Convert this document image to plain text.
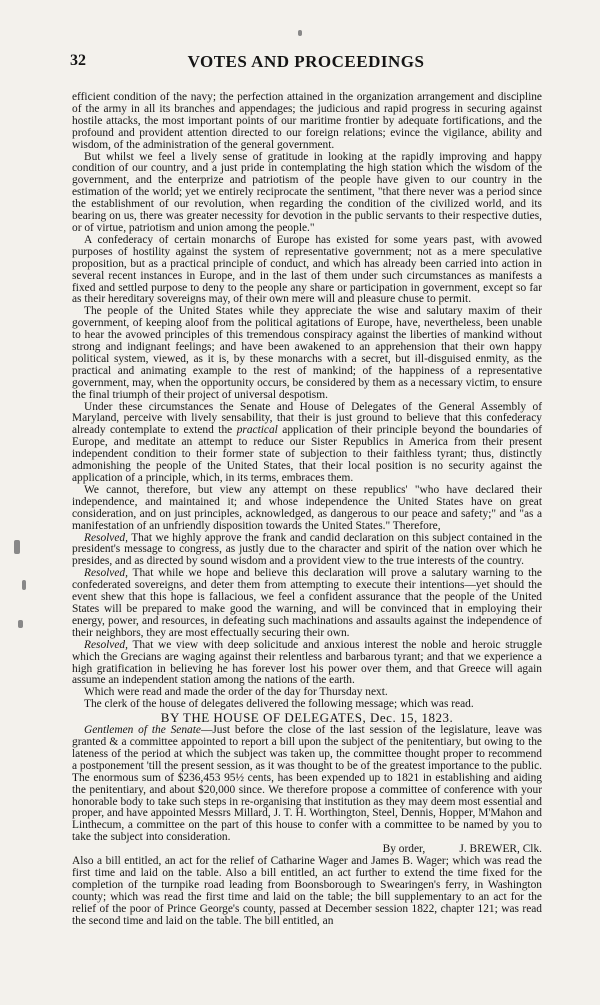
32	VOTES AND PROCEEDINGS

efficient condition of the navy; the perfection attained in the organization arrangement and discipline of the army in all its branches and appendages; the judicious and rapid progress in securing against hostile attacks, the most important points of our maritime frontier by adequate fortifications, and the profound and provident attention directed to our foreign relations; evince the vigilance, ability and wisdom, of the administration of the general government.

But whilst we feel a lively sense of gratitude in looking at the rapidly improving and happy condition of our country, and a just pride in contemplating the high station which the wisdom of the government, and the enterprize and patriotism of the people have given to our country in the estimation of the world; yet we entirely reciprocate the sentiment, "that there never was a period since the establishment of our revolution, when regarding the condition of the civilized world, and its bearing on us, there was greater necessity for devotion in the public servants to their respective duties, or of virtue, patriotism and union among the people."

A confederacy of certain monarchs of Europe has existed for some years past, with avowed purposes of hostility against the system of representative government; not as a mere speculative proposition, but as a practical principle of conduct, and which has already been carried into action in several recent instances in Europe, and in the last of them under such circumstances as manifests a fixed and settled purpose to deny to the people any share or participation in government, except so far as their hereditary sovereigns may, of their own mere will and pleasure chuse to permit.

The people of the United States while they appreciate the wise and salutary maxim of their government, of keeping aloof from the political agitations of Europe, have, nevertheless, been unable to hear the avowed principles of this tremendous conspiracy against the liberties of mankind without strong and indignant feelings; and have been awakened to an apprehension that their own happy political system, viewed, as it is, by these monarchs with a secret, but ill-disguised enmity, as the practical and animating example to the rest of mankind; of the happiness of a representative government, may, when the opportunity occurs, be considered by them as a necessary victim, to ensure the final triumph of their project of universal despotism.

Under these circumstances the Senate and House of Delegates of the General Assembly of Maryland, perceive with lively sensability, that their is just ground to believe that this confederacy already contemplate to extend the practical application of their principle beyond the boundaries of Europe, and meditate an attempt to reduce our Sister Republics in America from their present independent condition to their former state of subjection to their faithless tyrant; thus, distinctly admonishing the people of the United States, that their local position is no security against the application of a principle, which, in its terms, embraces them.

We cannot, therefore, but view any attempt on these republics' "who have declared their independence, and maintained it; and whose independence the United States have on great consideration, and on just principles, acknowledged, as dangerous to our peace and safety;" and "as a manifestation of an unfriendly disposition towards the United States." Therefore,

Resolved, That we highly approve the frank and candid declaration on this subject contained in the president's message to congress, as justly due to the character and spirit of the nation over which he presides, and as directed by sound wisdom and a provident view to the true interests of the country.

Resolved, That while we hope and believe this declaration will prove a salutary warning to the confederated sovereigns, and deter them from attempting to execute their intentions—yet should the event shew that this hope is fallacious, we feel a confident assurance that the people of the United States will be prepared to make good the warning, and will be convinced that in employing their energy, power, and resources, in defeating such machinations and assaults against the independence of their neighbors, they are most effectually securing their own.

Resolved, That we view with deep solicitude and anxious interest the noble and heroic struggle which the Grecians are waging against their relentless and barbarous tyrant; and that we experience a high gratification in believing he has forever lost his power over them, and that Greece will again assume an independent station among the nations of the earth.

Which were read and made the order of the day for Thursday next.

The clerk of the house of delegates delivered the following message; which was read.

BY THE HOUSE OF DELEGATES, Dec. 15, 1823.

Gentlemen of the Senate—Just before the close of the last session of the legislature, leave was granted & a committee appointed to report a bill upon the subject of the penitentiary, but owing to the lateness of the period at which the subject was taken up, the committee thought proper to recommend a postponement 'till the present session, as it was thought to be of the greatest importance to the public. The enormous sum of $236,453 95½ cents, has been expended up to 1821 in establishing and aiding the penitentiary, and about $20,000 since. We therefore propose a committee of conference with your honorable body to take such steps in re-organising that institution as they may deem most essential and proper, and have appointed Messrs Millard, J. T. H. Worthington, Steel, Dennis, Hopper, M'Mahon and Linthecum, a committee on the part of this house to confer with a committee to be named by you to take the subject into consideration.

By order,	J. BREWER, Clk.

Also a bill entitled, an act for the relief of Catharine Wager and James B. Wager; which was read the first time and laid on the table. Also a bill entitled, an act further to extend the time fixed for the completion of the turnpike road leading from Boonsborough to Swearingen's ferry, in Washington county; which was read the first time and laid on the table; the bill supplementary to an act for the relief of the poor of Prince George's county, passed at December session 1822, chapter 121; was read the second time and laid on the table. The bill entitled, an
